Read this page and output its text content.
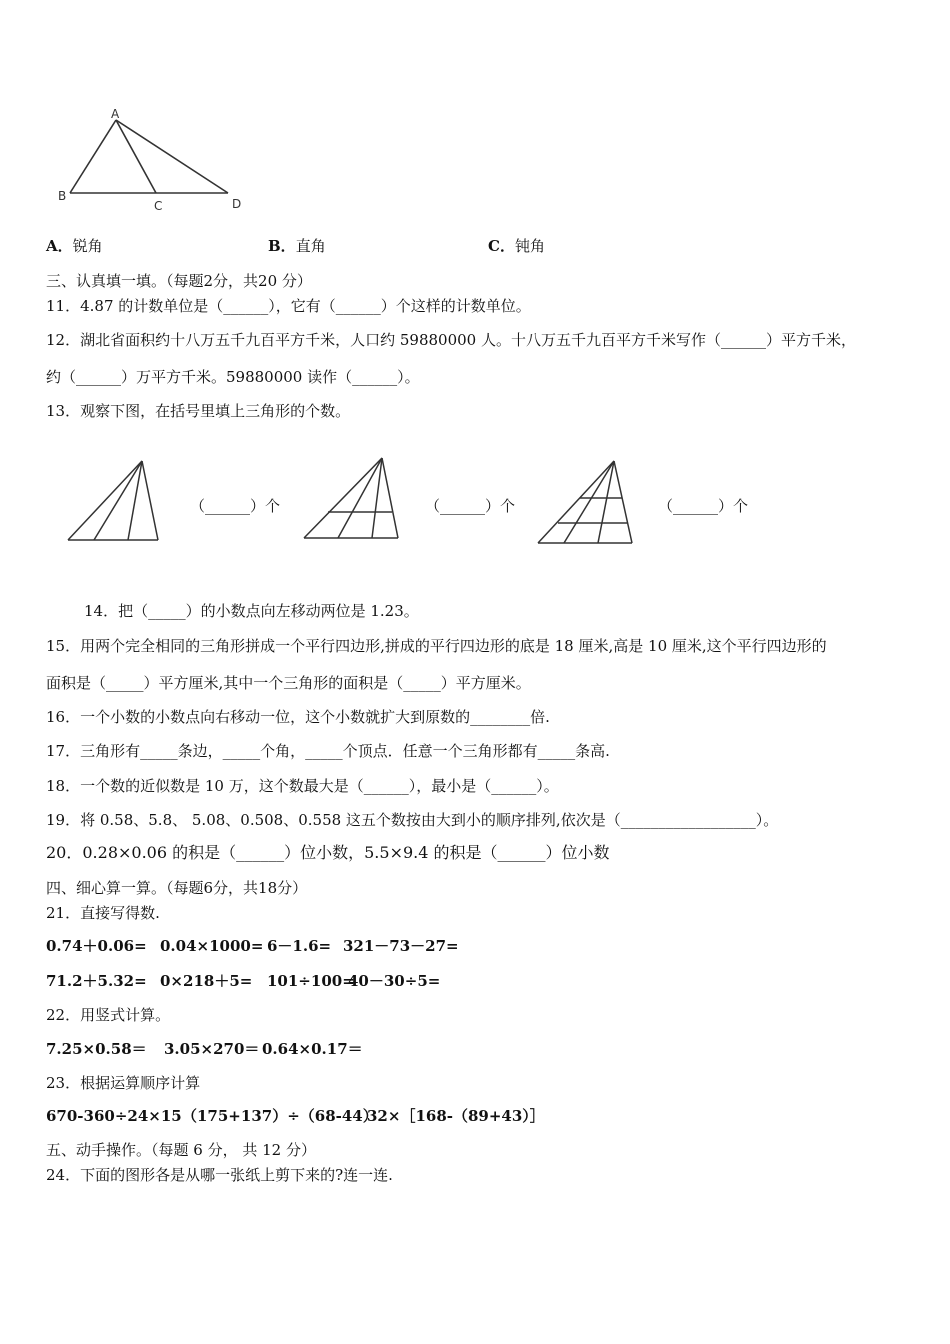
A
B
C	D
A．锐角	B．直角	C．钝角
三、认真填一填。（每题2分，共20 分）
11．4.87 的计数单位是（______），它有（______）个这样的计数单位。
12．湖北省面积约十八万五千九百平方千米，人口约 59880000 人。十八万五千九百平方千米写作（______）平方千米，
约（______）万平方千米。59880000 读作（______）。
13．观察下图，在括号里填上三角形的个数。
（______）个	（______）个	（______）个
14．把（_____）的小数点向左移动两位是 1.23。
15．用两个完全相同的三角形拼成一个平行四边形,拼成的平行四边形的底是 18 厘米,高是 10 厘米,这个平行四边形的
面积是（_____）平方厘米,其中一个三角形的面积是（_____）平方厘米。
16．一个小数的小数点向右移动一位，这个小数就扩大到原数的________倍.
17．三角形有_____条边，_____个角，_____个顶点．任意一个三角形都有_____条高.
18．一个数的近似数是 10 万，这个数最大是（______），最小是（______）。
19．将 0.58、5.8、 5.08、0.508、0.558 这五个数按由大到小的顺序排列,依次是（__________________）。
20．0.28×0.06 的积是（______）位小数，5.5×9.4 的积是（______）位小数
四、细心算一算。（每题6分，共18分）
21．直接写得数.
0.74＋0.06= 0.04×1000= 6－1.6= 321－73－27=
71.2＋5.32= 0×218＋5= 101÷100=
40－30÷5=
22．用竖式计算。
7.25×0.58＝ 3.05×270＝ 0.64×0.17＝
23．根据运算顺序计算
670-360÷24×15 （175+137）÷（68-44）
32×［168-（89+43）］
五、动手操作。（每题 6 分， 共 12 分）
24．下面的图形各是从哪一张纸上剪下来的?连一连.
